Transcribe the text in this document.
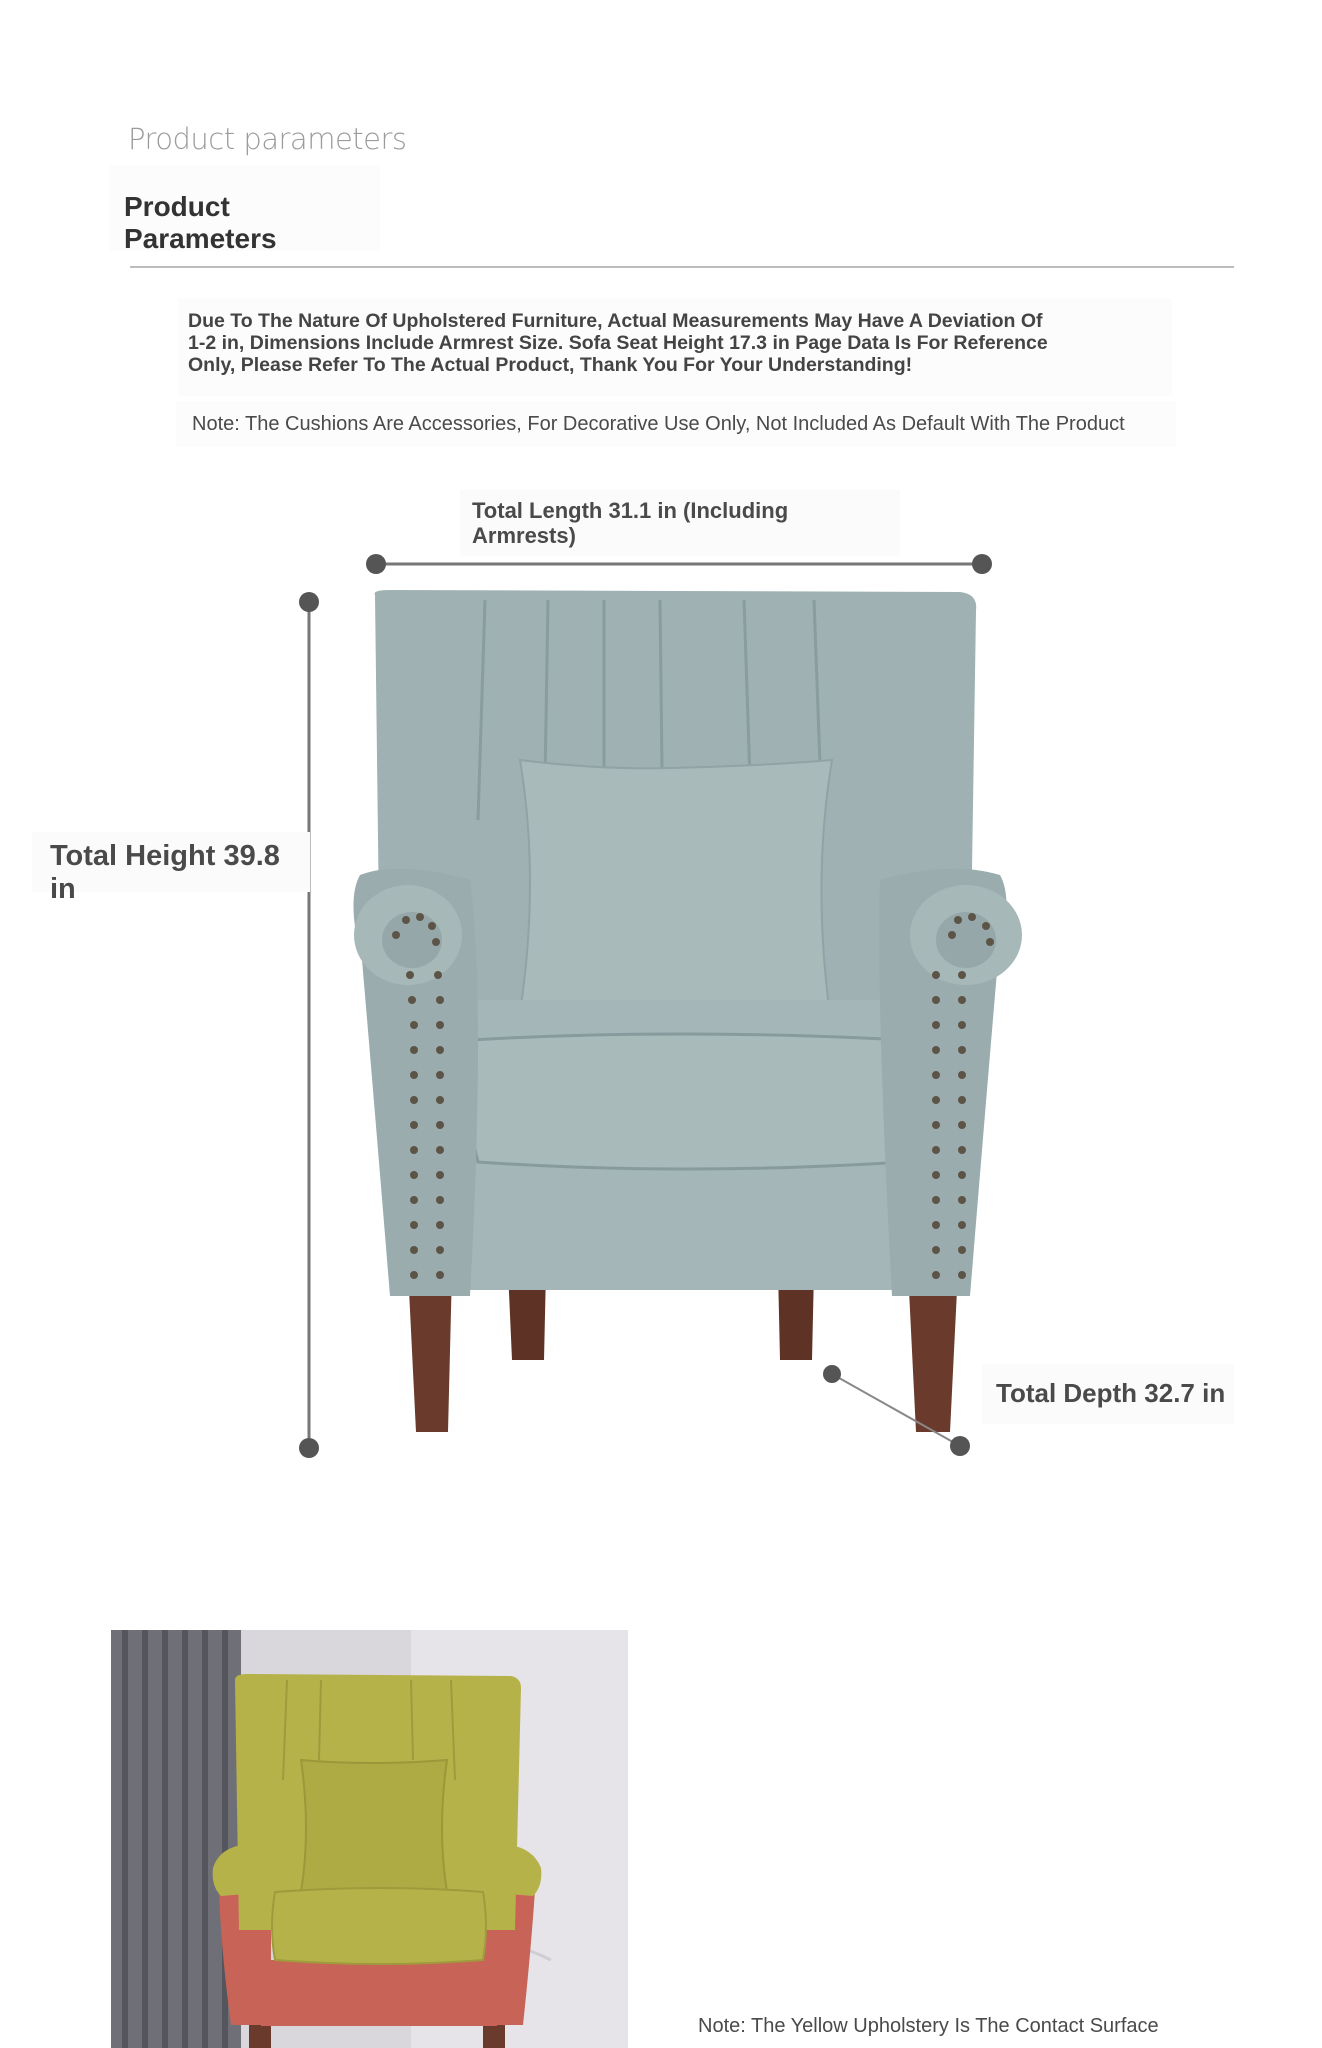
Product parameters
Product Parameters

Due To The Nature Of Upholstered Furniture, Actual Measurements May Have A Deviation Of 1-2 in, Dimensions Include Armrest Size. Sofa Seat Height 17.3 in Page Data Is For Reference Only, Please Refer To The Actual Product, Thank You For Your Understanding!

Note: The Cushions Are Accessories, For Decorative Use Only, Not Included As Default With The Product
Total Length 31.1 in (Including Armrests)
Total Height 39.8 in
Total Depth 32.7 in
Note: The Yellow Upholstery Is The Contact Surface
